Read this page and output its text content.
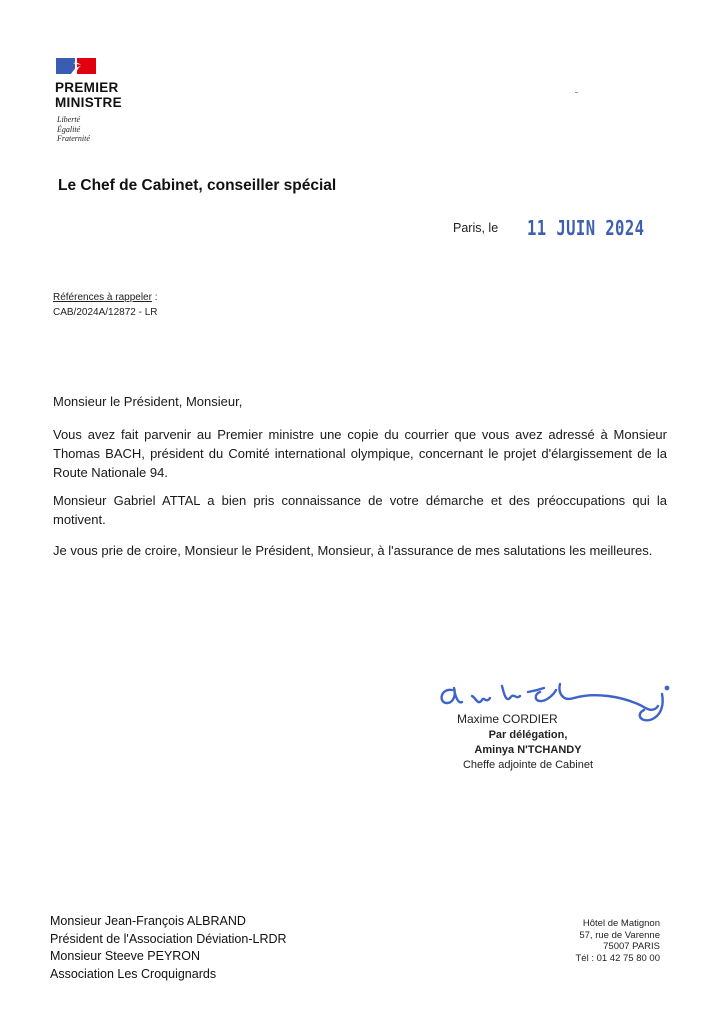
PREMIER
MINISTRE
Liberté
Égalité
Fraternité
Le Chef de Cabinet, conseiller spécial
Paris, le 11 JUIN 2024
Références à rappeler :
CAB/2024A/12872 - LR
Monsieur le Président, Monsieur,
Vous avez fait parvenir au Premier ministre une copie du courrier que vous avez adressé à Monsieur Thomas BACH, président du Comité international olympique, concernant le projet d'élargissement de la Route Nationale 94.
Monsieur Gabriel ATTAL a bien pris connaissance de votre démarche et des préoccupations qui la motivent.
Je vous prie de croire, Monsieur le Président, Monsieur, à l'assurance de mes salutations les meilleures.
Maxime CORDIER
Par délégation,
Aminya N'TCHANDY
Cheffe adjointe de Cabinet
Monsieur Jean-François ALBRAND
Président de l'Association Déviation-LRDR
Monsieur Steeve PEYRON
Association Les Croquignards
Hôtel de Matignon
57, rue de Varenne
75007 PARIS
Tél : 01 42 75 80 00
